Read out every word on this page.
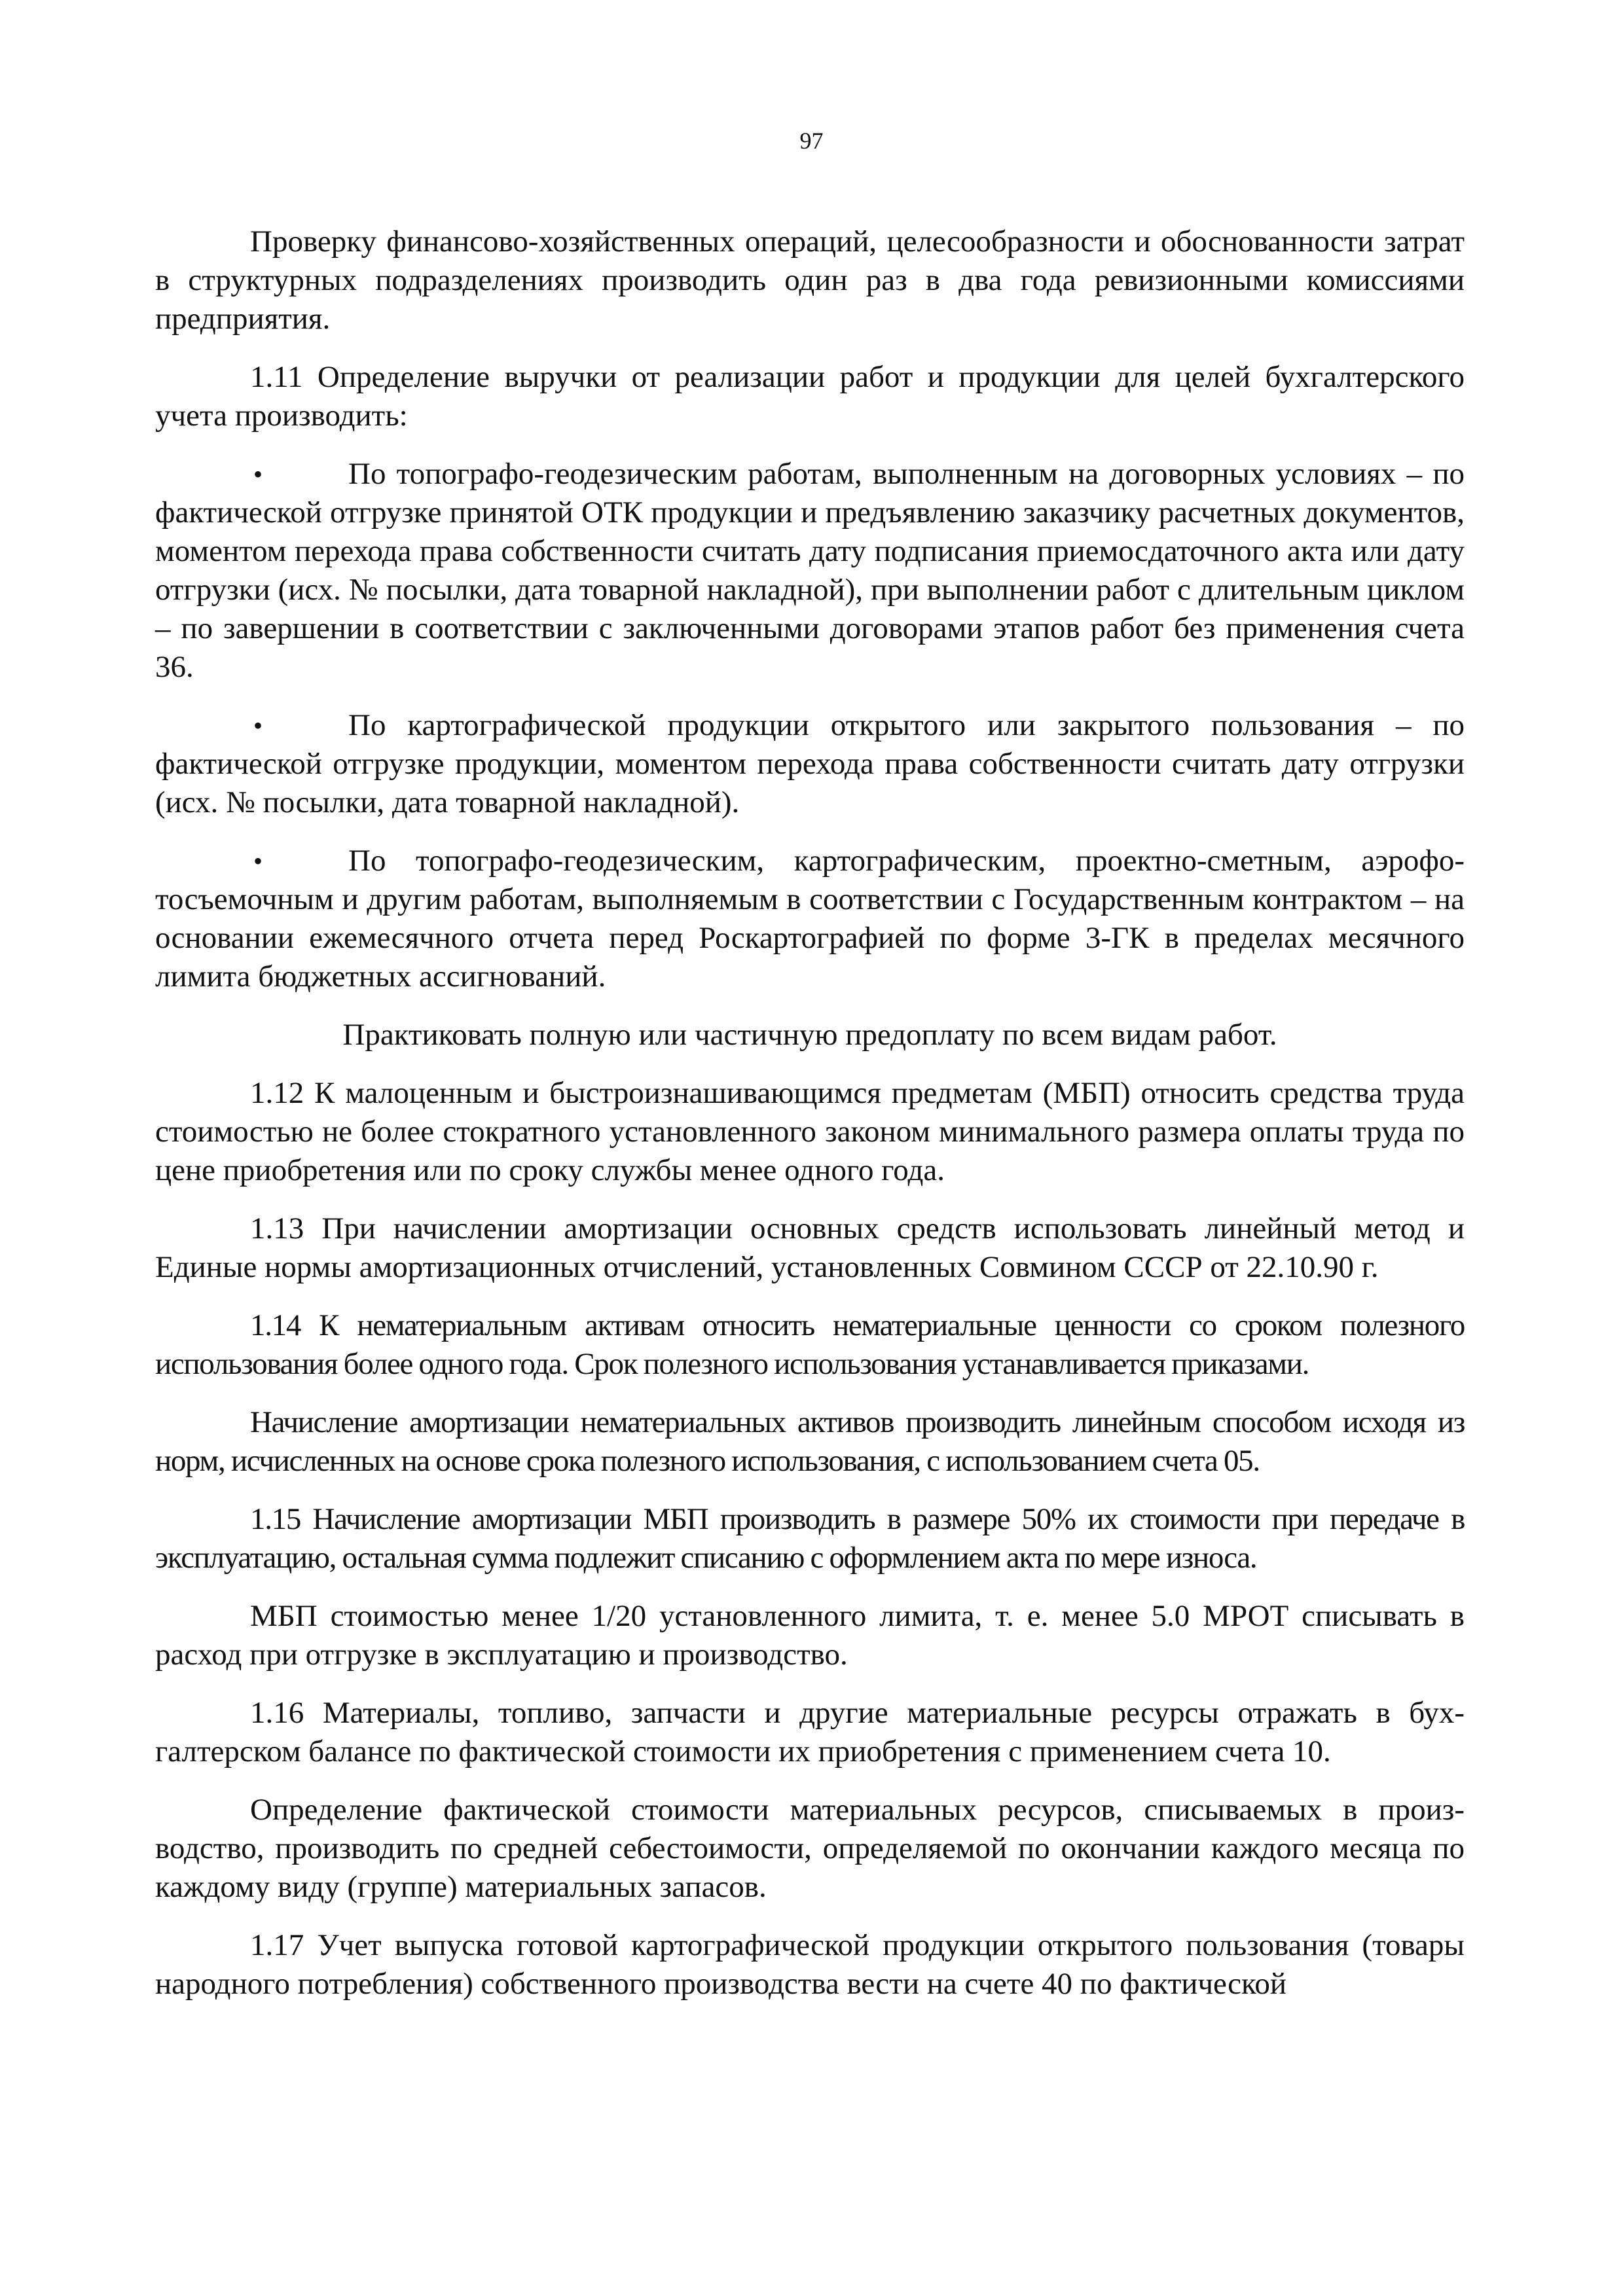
97

Проверку финансово-хозяйственных операций, целесообразности и обоснованности затрат в структурных подразделениях производить один раз в два года ревизионными комиссиями предприятия.

1.11 Определение выручки от реализации работ и продукции для целей бухгалтерского учета производить:

•	По топографо-геодезическим работам, выполненным на договорных условиях – по фактической отгрузке принятой ОТК продукции и предъявлению заказчику расчетных документов, моментом перехода права собственности считать дату подписания приемосдаточного акта или дату отгрузки (исх. № посылки, дата товарной накладной), при выполнении работ с длительным циклом – по завершении в соответствии с заключенными договорами этапов работ без применения счета 36.
•	По картографической продукции открытого или закрытого пользования – по фактической отгрузке продукции, моментом перехода права собственности считать дату отгрузки (исх. № посылки, дата товарной накладной).
•	По топографо-геодезическим, картографическим, проектно-сметным, аэрофотосъемочным и другим работам, выполняемым в соответствии с Государственным контрактом – на основании ежемесячного отчета перед Роскартографией по форме 3-ГК в пределах месячного лимита бюджетных ассигнований.

Практиковать полную или частичную предоплату по всем видам работ.

1.12 К малоценным и быстроизнашивающимся предметам (МБП) относить средства труда стоимостью не более стократного установленного законом минимального размера оплаты труда по цене приобретения или по сроку службы менее одного года.

1.13 При начислении амортизации основных средств использовать линейный метод и Единые нормы амортизационных отчислений, установленных Совмином СССР от 22.10.90 г.

1.14 К нематериальным активам относить нематериальные ценности со сроком полезного использования более одного года. Срок полезного использования устанавливается приказами.

Начисление амортизации нематериальных активов производить линейным способом исходя из норм, исчисленных на основе срока полезного использования, с использованием счета 05.

1.15 Начисление амортизации МБП производить в размере 50% их стоимости при передаче в эксплуатацию, остальная сумма подлежит списанию с оформлением акта по мере износа.

МБП стоимостью менее 1/20 установленного лимита, т. е. менее 5.0 МРОТ списывать в расход при отгрузке в эксплуатацию и производство.

1.16 Материалы, топливо, запчасти и другие материальные ресурсы отражать в бухгалтерском балансе по фактической стоимости их приобретения с применением счета 10.

Определение фактической стоимости материальных ресурсов, списываемых в производство, производить по средней себестоимости, определяемой по окончании каждого месяца по каждому виду (группе) материальных запасов.

1.17 Учет выпуска готовой картографической продукции открытого пользования (товары народного потребления) собственного производства вести на счете 40 по фактической
